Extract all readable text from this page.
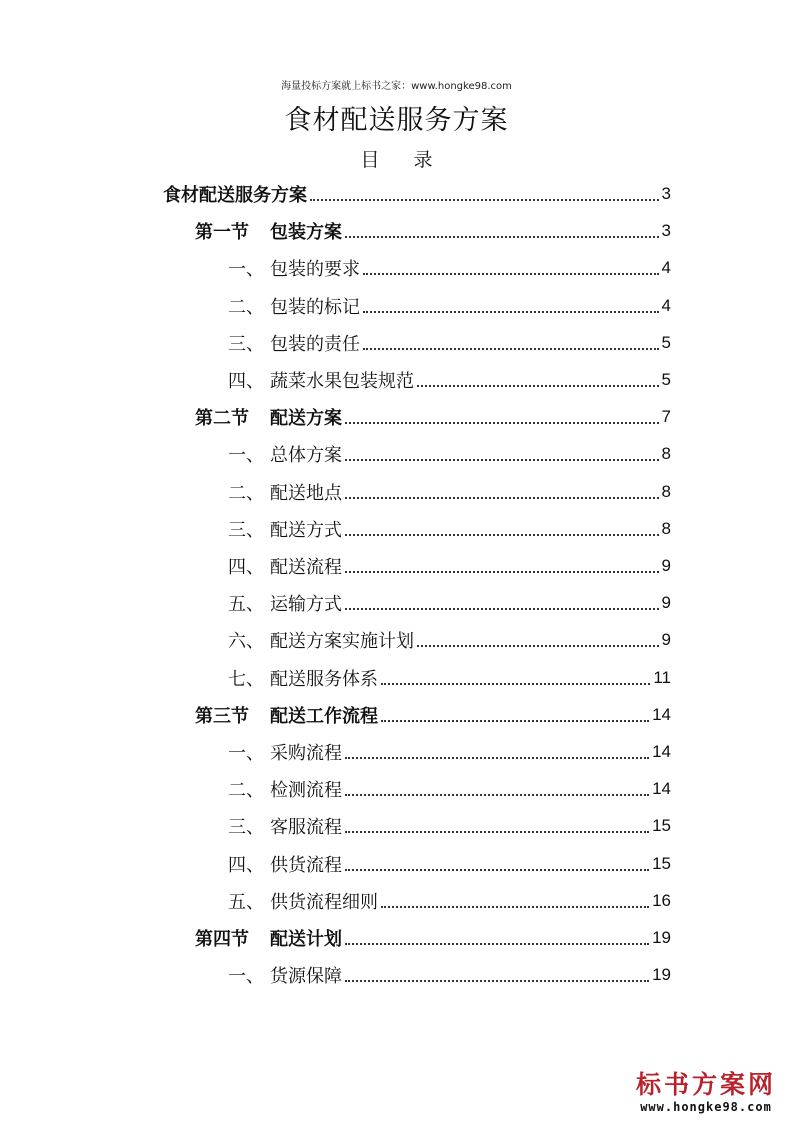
海量投标方案就上标书之家：www.hongke98.com
食材配送服务方案
目 录
食材配送服务方案	3
第一节 包装方案	3
一、 包装的要求	4
二、 包装的标记	4
三、 包装的责任	5
四、 蔬菜水果包装规范	5
第二节 配送方案	7
一、 总体方案	8
二、 配送地点	8
三、 配送方式	8
四、 配送流程	9
五、 运输方式	9
六、 配送方案实施计划	9
七、 配送服务体系	11
第三节 配送工作流程	14
一、 采购流程	14
二、 检测流程	14
三、 客服流程	15
四、 供货流程	15
五、 供货流程细则	16
第四节 配送计划	19
一、 货源保障	19
标书方案网
www.hongke98.com
